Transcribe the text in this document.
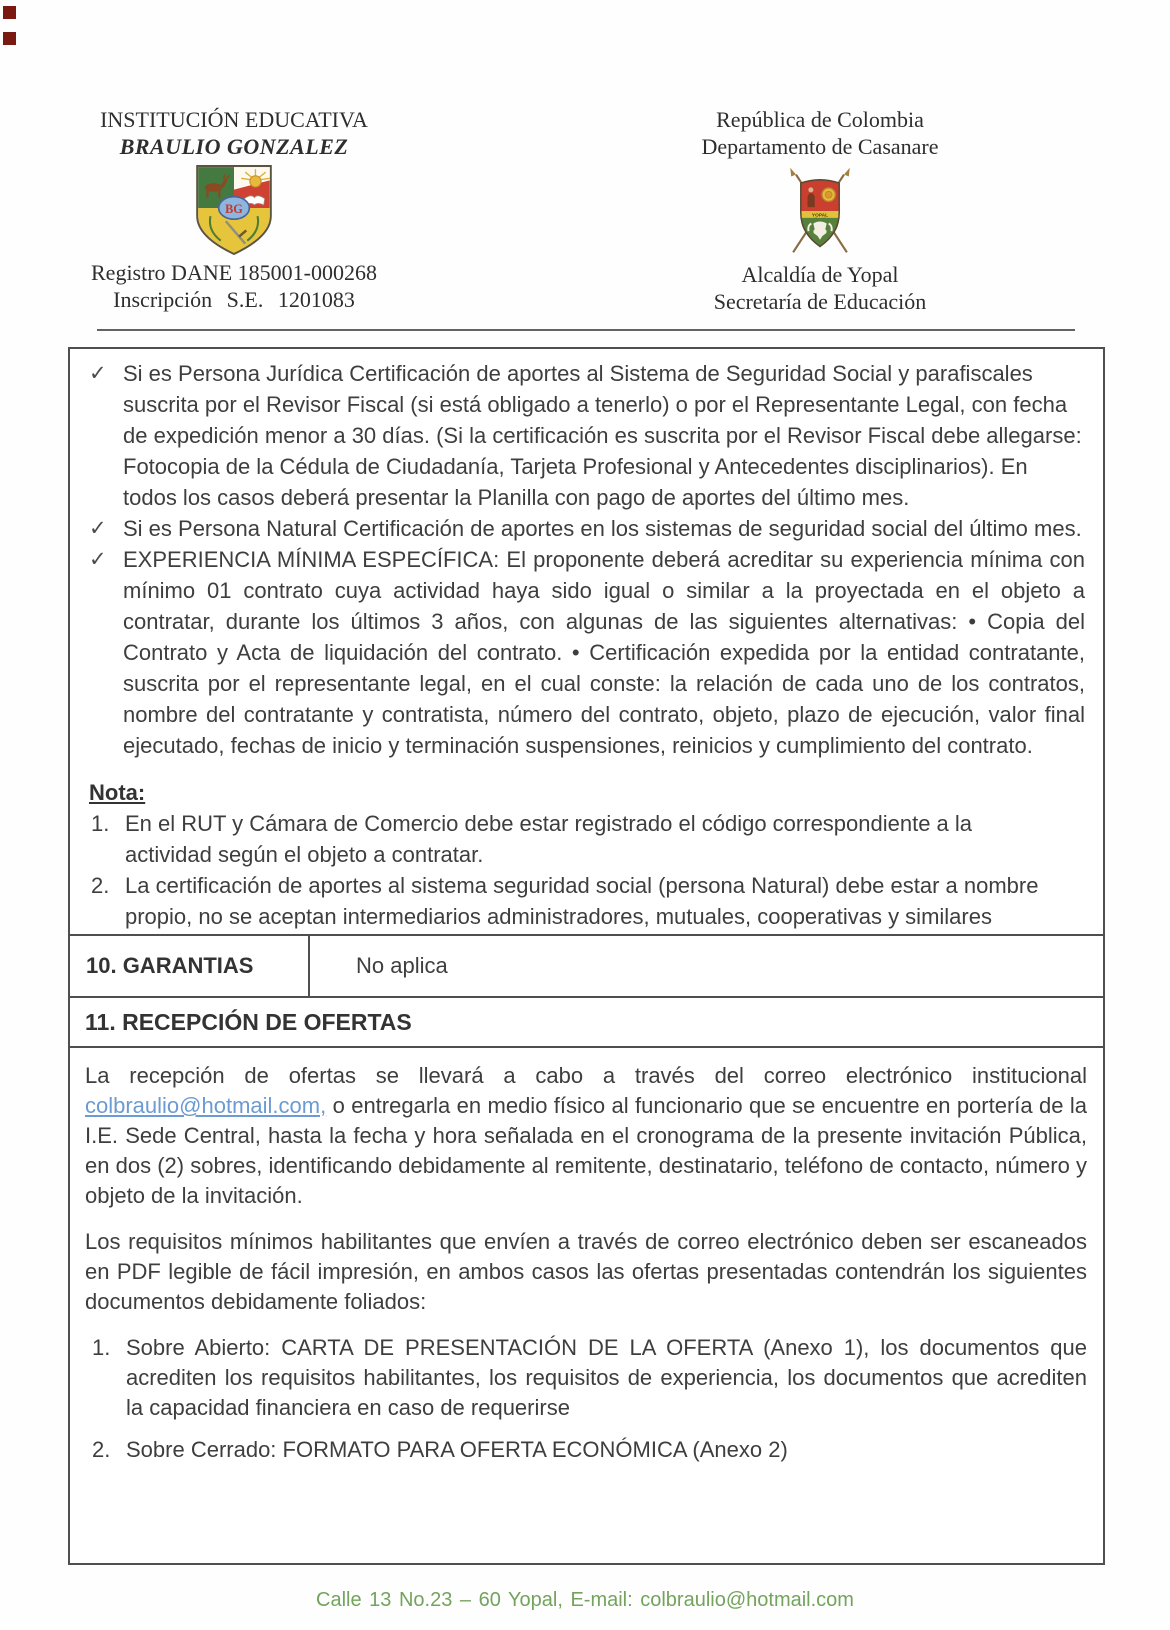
INSTITUCIÓN EDUCATIVA
BRAULIO GONZALEZ
BG
Registro DANE 185001-000268
Inscripción S.E. 1201083
República de Colombia
Departamento de Casanare
YOPAL
Alcaldía de Yopal
Secretaría de Educación
✓ Si es Persona Jurídica Certificación de aportes al Sistema de Seguridad Social y parafiscales suscrita por el Revisor Fiscal (si está obligado a tenerlo) o por el Representante Legal, con fecha de expedición menor a 30 días. (Si la certificación es suscrita por el Revisor Fiscal debe allegarse: Fotocopia de la Cédula de Ciudadanía, Tarjeta Profesional y Antecedentes disciplinarios). En todos los casos deberá presentar la Planilla con pago de aportes del último mes.
✓ Si es Persona Natural Certificación de aportes en los sistemas de seguridad social del último mes.
✓ EXPERIENCIA MÍNIMA ESPECÍFICA: El proponente deberá acreditar su experiencia mínima con mínimo 01 contrato cuya actividad haya sido igual o similar a la proyectada en el objeto a contratar, durante los últimos 3 años, con algunas de las siguientes alternativas: • Copia del Contrato y Acta de liquidación del contrato. • Certificación expedida por la entidad contratante, suscrita por el representante legal, en el cual conste: la relación de cada uno de los contratos, nombre del contratante y contratista, número del contrato, objeto, plazo de ejecución, valor final ejecutado, fechas de inicio y terminación suspensiones, reinicios y cumplimiento del contrato.
Nota:
1. En el RUT y Cámara de Comercio debe estar registrado el código correspondiente a la actividad según el objeto a contratar.
2. La certificación de aportes al sistema seguridad social (persona Natural) debe estar a nombre propio, no se aceptan intermediarios administradores, mutuales, cooperativas y similares
10. GARANTIAS	No aplica
11. RECEPCIÓN DE OFERTAS

La recepción de ofertas se llevará a cabo a través del correo electrónico institucional colbraulio@hotmail.com, o entregarla en medio físico al funcionario que se encuentre en portería de la I.E. Sede Central, hasta la fecha y hora señalada en el cronograma de la presente invitación Pública, en dos (2) sobres, identificando debidamente al remitente, destinatario, teléfono de contacto, número y objeto de la invitación.

Los requisitos mínimos habilitantes que envíen a través de correo electrónico deben ser escaneados en PDF legible de fácil impresión, en ambos casos las ofertas presentadas contendrán los siguientes documentos debidamente foliados:

1. Sobre Abierto: CARTA DE PRESENTACIÓN DE LA OFERTA (Anexo 1), los documentos que acrediten los requisitos habilitantes, los requisitos de experiencia, los documentos que acrediten la capacidad financiera en caso de requerirse
2. Sobre Cerrado: FORMATO PARA OFERTA ECONÓMICA (Anexo 2)
Calle 13 No.23 – 60 Yopal, E-mail: colbraulio@hotmail.com
